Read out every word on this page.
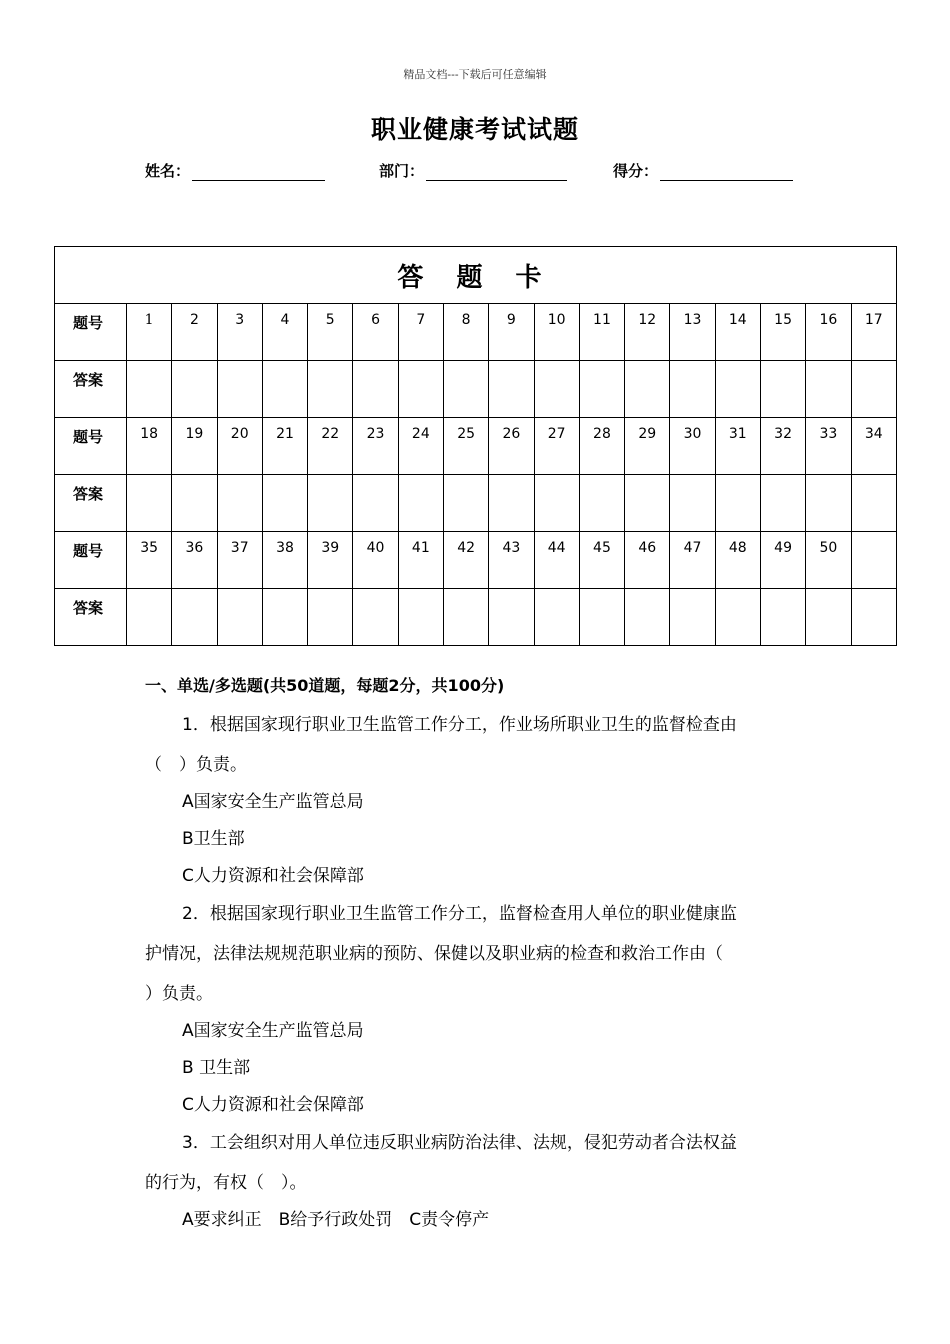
精品文档---下载后可任意编辑
职业健康考试试题
姓名：	部门：	得分：
答 题 卡																	
题号	1	2	3	4	5	6	7	8	9	10	11	12	13	14	15	16	17
答案																	
题号	18	19	20	21	22	23	24	25	26	27	28	29	30	31	32	33	34
答案																	
题号	35	36	37	38	39	40	41	42	43	44	45	46	47	48	49	50	
答案																	
一、单选/多选题(共50道题，每题2分，共100分)
1．根据国家现行职业卫生监管工作分工，作业场所职业卫生的监督检查由
（　）负责。
A国家安全生产监管总局
B卫生部
C人力资源和社会保障部
2．根据国家现行职业卫生监管工作分工，监督检查用人单位的职业健康监
护情况，法律法规规范职业病的预防、保健以及职业病的检查和救治工作由（
）负责。
A国家安全生产监管总局
B 卫生部
C人力资源和社会保障部
3．工会组织对用人单位违反职业病防治法律、法规，侵犯劳动者合法权益
的行为，有权（　）。
A要求纠正　B给予行政处罚　C责令停产
